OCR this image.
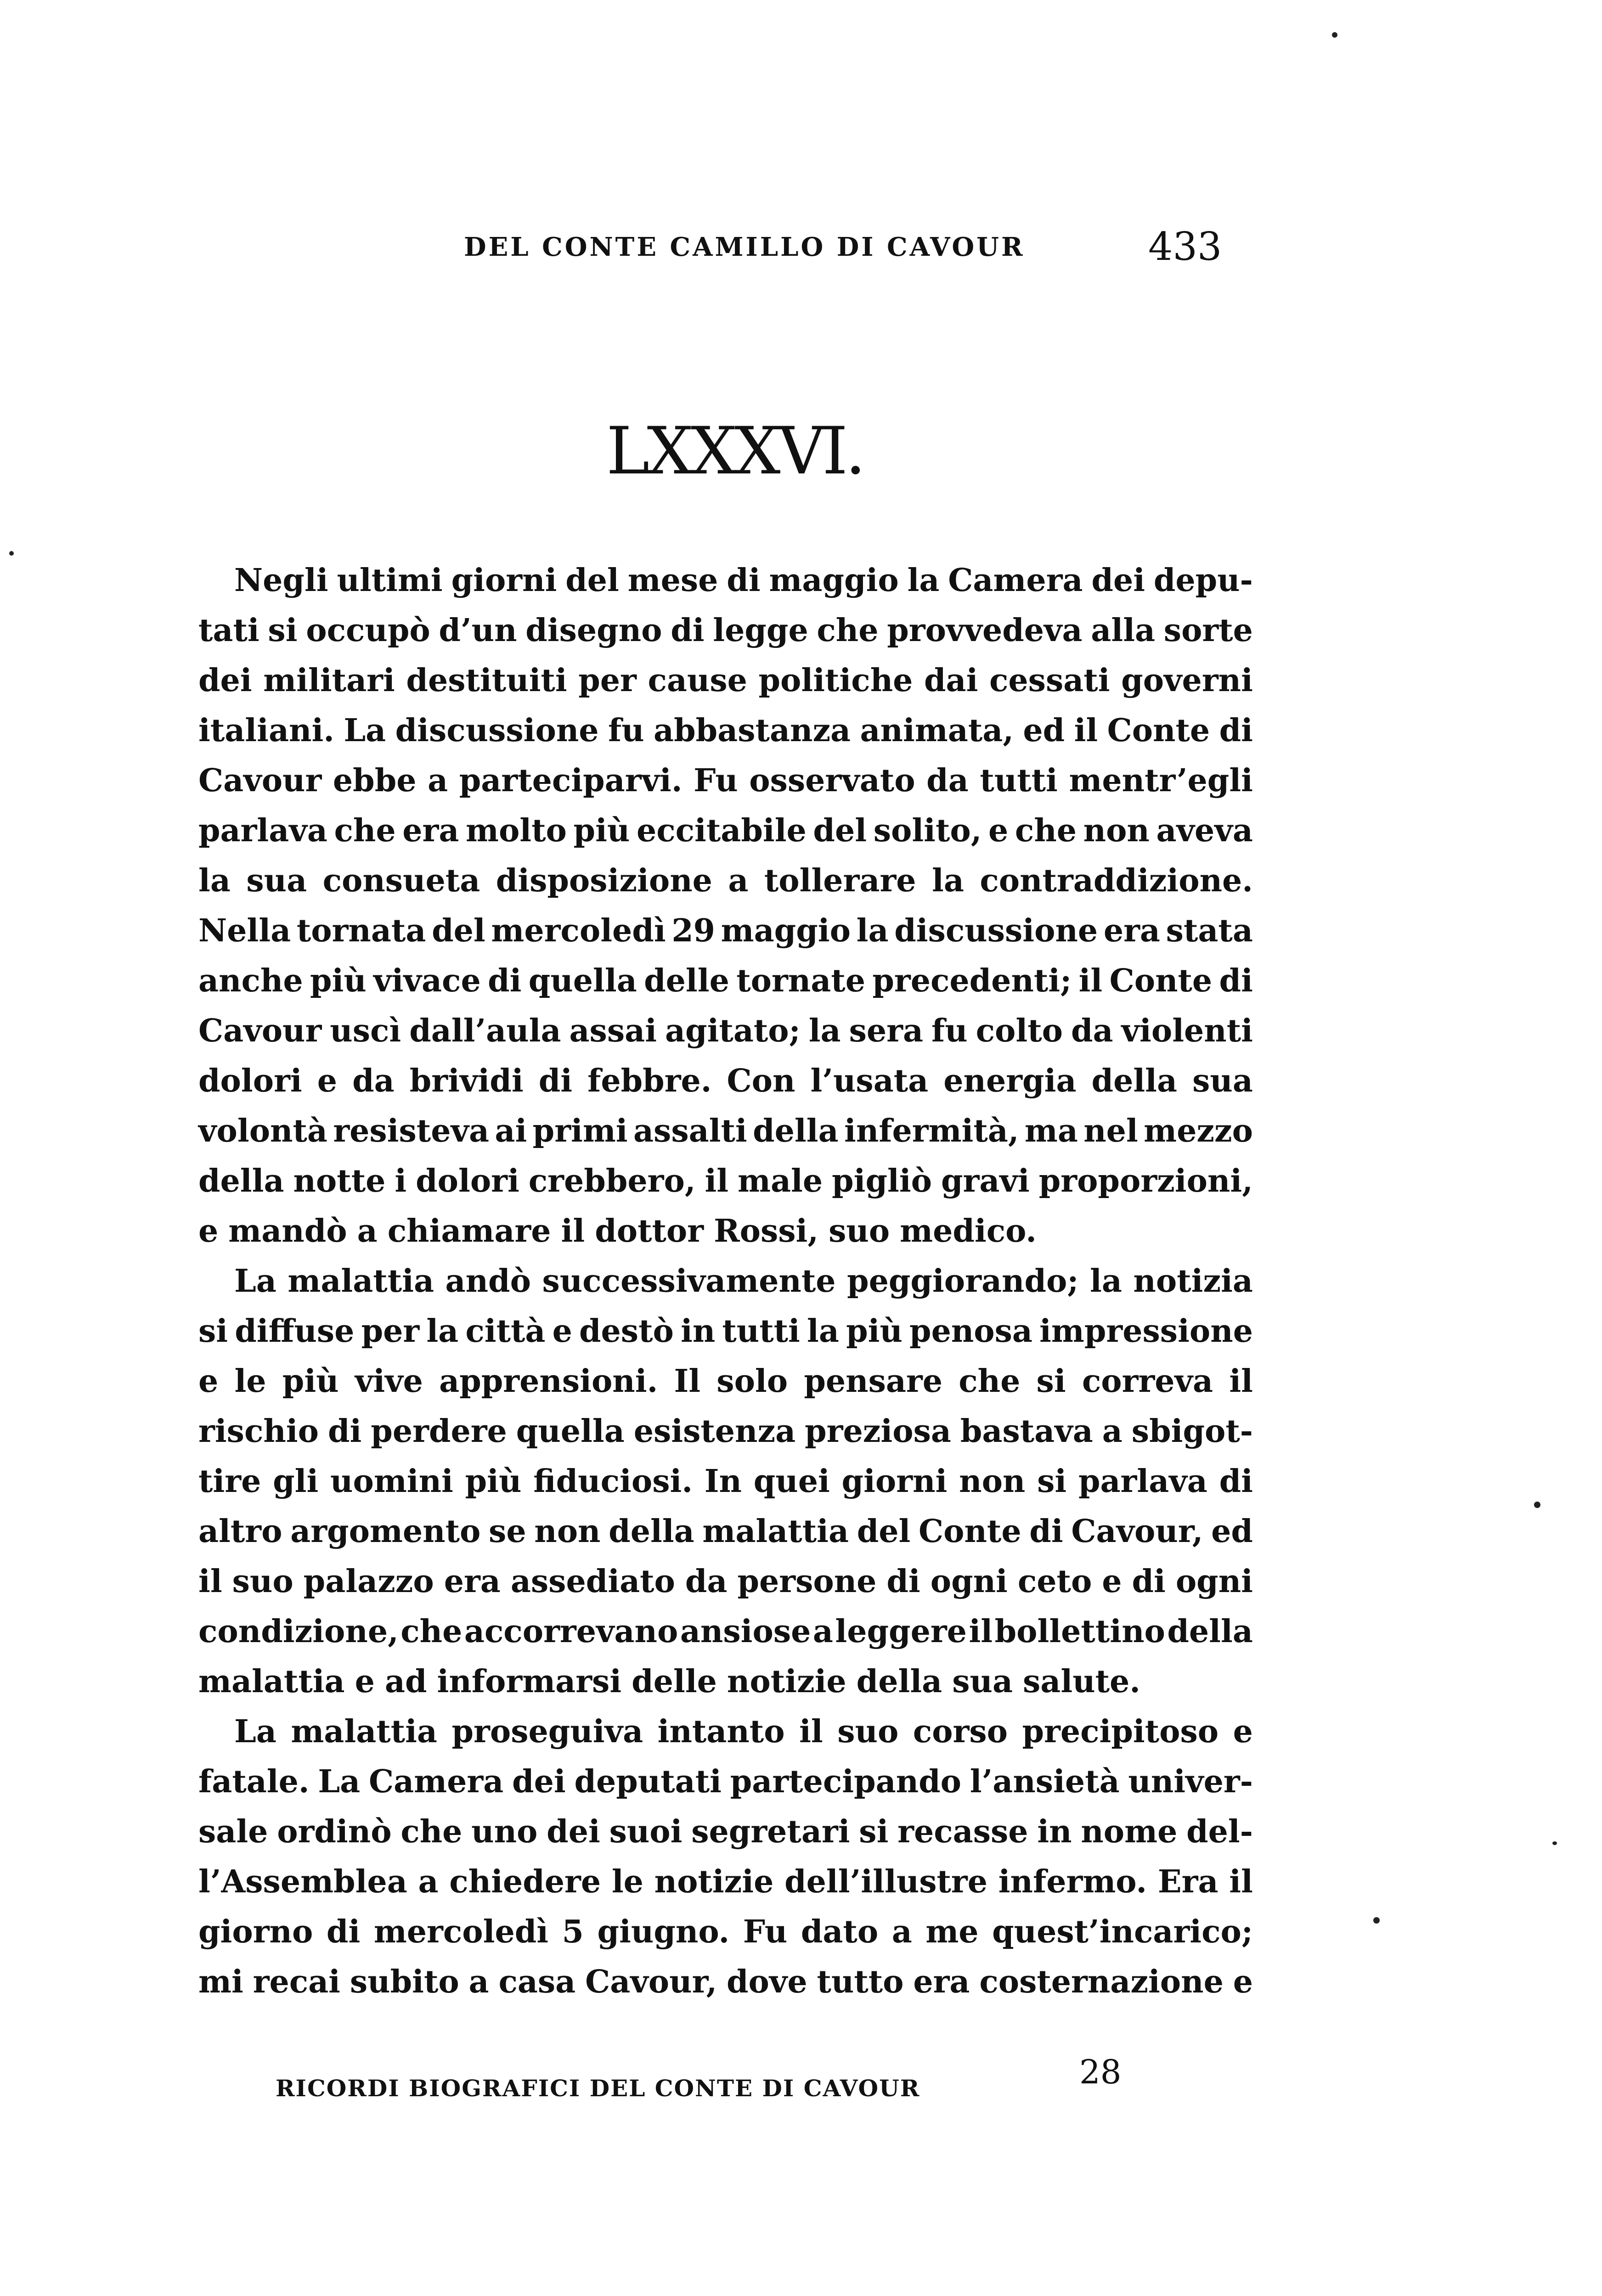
DEL CONTE CAMILLO DI CAVOUR	433
LXXXVI.
Negli ultimi giorni del mese di maggio la Camera dei depu-
tati si occupò d’un disegno di legge che provvedeva alla sorte
dei militari destituiti per cause politiche dai cessati governi
italiani. La discussione fu abbastanza animata, ed il Conte di
Cavour ebbe a parteciparvi. Fu osservato da tutti mentr’egli
parlava che era molto più eccitabile del solito, e che non aveva
la sua consueta disposizione a tollerare la contraddizione.
Nella tornata del mercoledì 29 maggio la discussione era stata
anche più vivace di quella delle tornate precedenti; il Conte di
Cavour uscì dall’aula assai agitato; la sera fu colto da violenti
dolori e da brividi di febbre. Con l’usata energia della sua
volontà resisteva ai primi assalti della infermità, ma nel mezzo
della notte i dolori crebbero, il male pigliò gravi proporzioni,
e mandò a chiamare il dottor Rossi, suo medico.
La malattia andò successivamente peggiorando; la notizia
si diffuse per la città e destò in tutti la più penosa impressione
e le più vive apprensioni. Il solo pensare che si correva il
rischio di perdere quella esistenza preziosa bastava a sbigot-
tire gli uomini più fiduciosi. In quei giorni non si parlava di
altro argomento se non della malattia del Conte di Cavour, ed
il suo palazzo era assediato da persone di ogni ceto e di ogni
condizione, che accorrevano ansiose a leggere il bollettino della
malattia e ad informarsi delle notizie della sua salute.
La malattia proseguiva intanto il suo corso precipitoso e
fatale. La Camera dei deputati partecipando l’ansietà univer-
sale ordinò che uno dei suoi segretari si recasse in nome del-
l’Assemblea a chiedere le notizie dell’illustre infermo. Era il
giorno di mercoledì 5 giugno. Fu dato a me quest’incarico;
mi recai subito a casa Cavour, dove tutto era costernazione e
RICORDI BIOGRAFICI DEL CONTE DI CAVOUR	28
